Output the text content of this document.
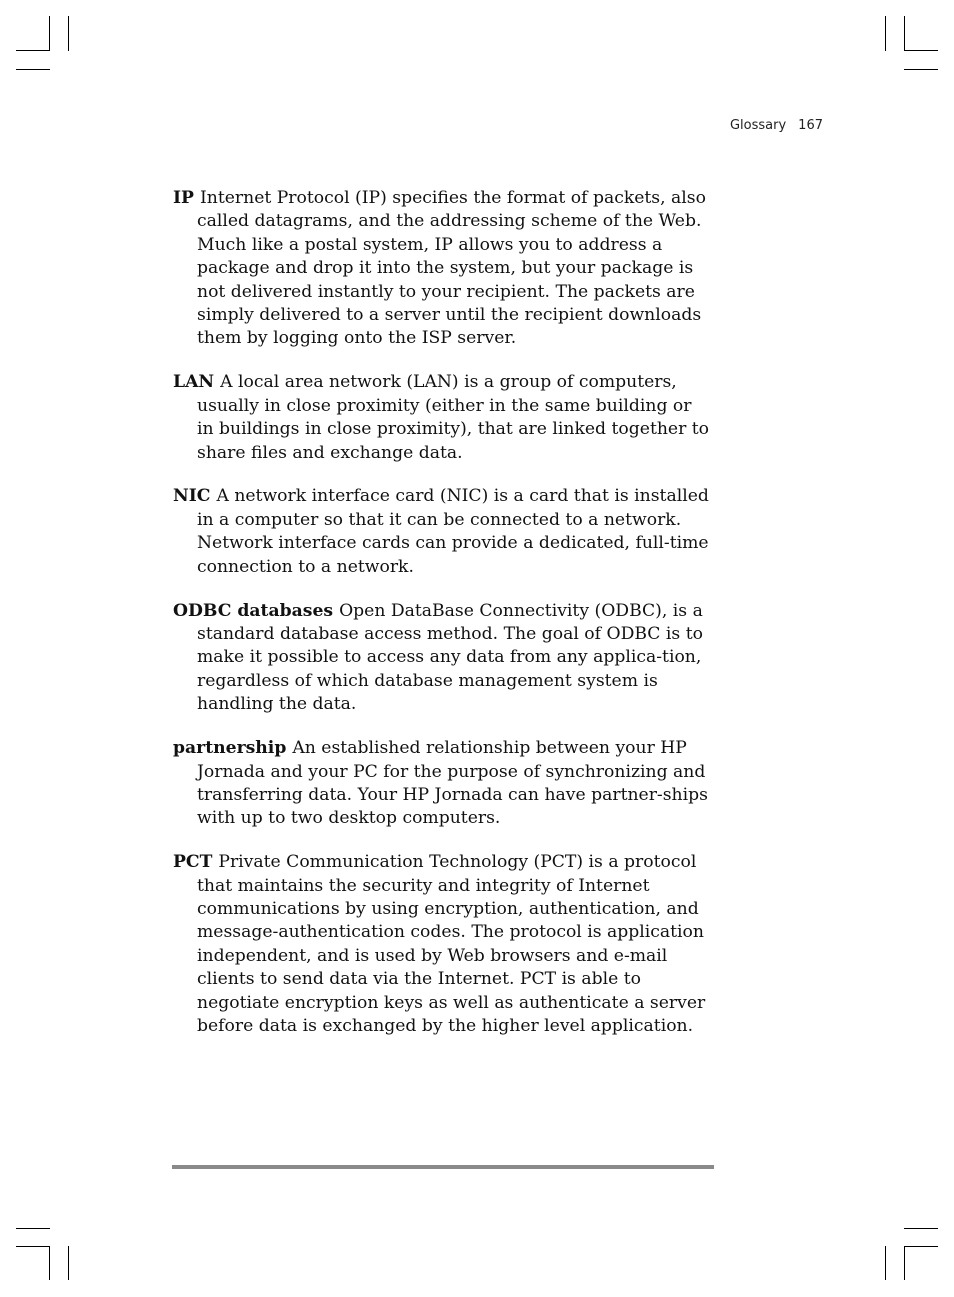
Glossary 167

IP Internet Protocol (IP) specifies the format of packets, also called datagrams, and the addressing scheme of the Web. Much like a postal system, IP allows you to address a package and drop it into the system, but your package is not delivered instantly to your recipient. The packets are simply delivered to a server until the recipient downloads them by logging onto the ISP server.

LAN A local area network (LAN) is a group of computers, usually in close proximity (either in the same building or in buildings in close proximity), that are linked together to share files and exchange data.

NIC A network interface card (NIC) is a card that is installed in a computer so that it can be connected to a network. Network interface cards can provide a dedicated, full-time connection to a network.

ODBC databases Open DataBase Connectivity (ODBC), is a standard database access method. The goal of ODBC is to make it possible to access any data from any applica-tion, regardless of which database management system is handling the data.

partnership An established relationship between your HP Jornada and your PC for the purpose of synchronizing and transferring data. Your HP Jornada can have partner-ships with up to two desktop computers.

PCT Private Communication Technology (PCT) is a protocol that maintains the security and integrity of Internet communications by using encryption, authentication, and message-authentication codes. The protocol is application independent, and is used by Web browsers and e-mail clients to send data via the Internet. PCT is able to negotiate encryption keys as well as authenticate a server before data is exchanged by the higher level application.
